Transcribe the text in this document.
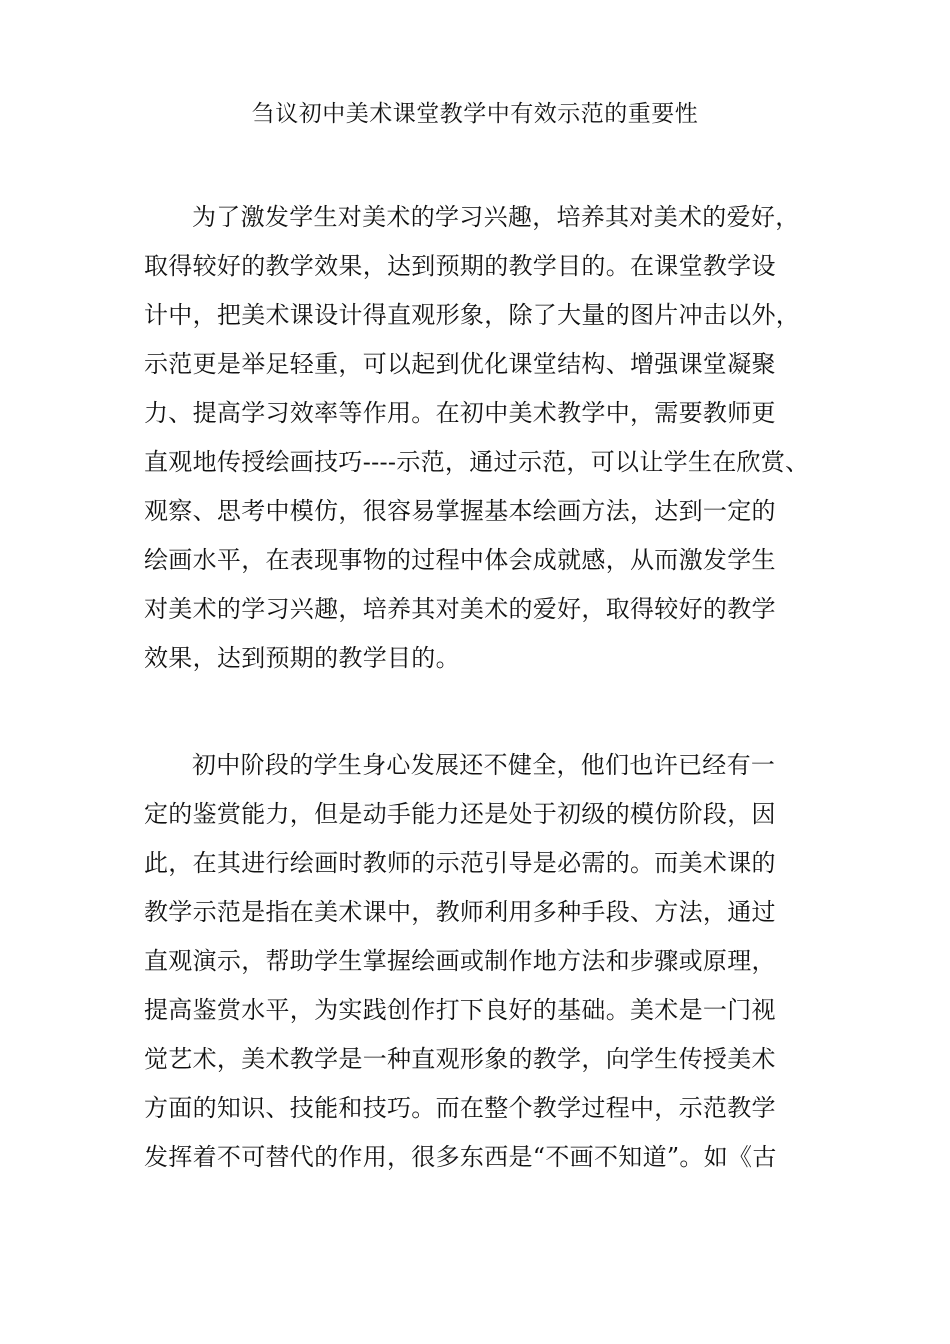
刍议初中美术课堂教学中有效示范的重要性
为了激发学生对美术的学习兴趣，培养其对美术的爱好，
取得较好的教学效果，达到预期的教学目的。在课堂教学设
计中，把美术课设计得直观形象，除了大量的图片冲击以外，
示范更是举足轻重，可以起到优化课堂结构、增强课堂凝聚
力、提高学习效率等作用。在初中美术教学中，需要教师更
直观地传授绘画技巧----示范，通过示范，可以让学生在欣赏、
观察、思考中模仿，很容易掌握基本绘画方法，达到一定的
绘画水平，在表现事物的过程中体会成就感，从而激发学生
对美术的学习兴趣，培养其对美术的爱好，取得较好的教学
效果，达到预期的教学目的。
初中阶段的学生身心发展还不健全，他们也许已经有一
定的鉴赏能力，但是动手能力还是处于初级的模仿阶段，因
此，在其进行绘画时教师的示范引导是必需的。而美术课的
教学示范是指在美术课中，教师利用多种手段、方法，通过
直观演示，帮助学生掌握绘画或制作地方法和步骤或原理，
提高鉴赏水平，为实践创作打下良好的基础。美术是一门视
觉艺术，美术教学是一种直观形象的教学，向学生传授美术
方面的知识、技能和技巧。而在整个教学过程中，示范教学
发挥着不可替代的作用，很多东西是“不画不知道”。如《古
